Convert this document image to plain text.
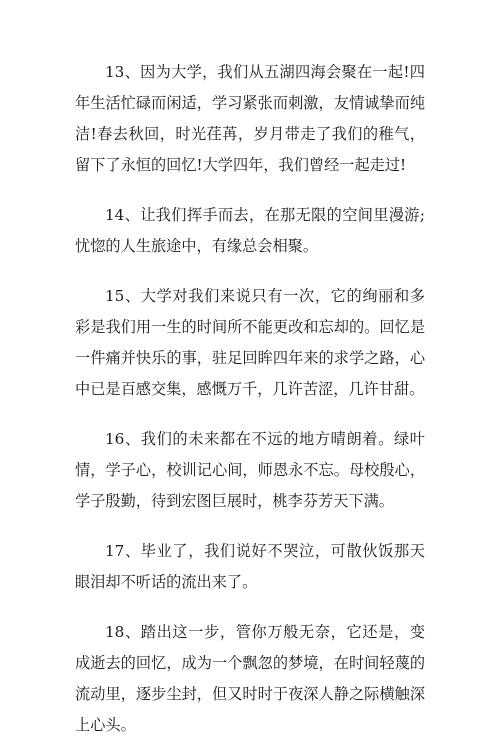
13、因为大学，我们从五湖四海会聚在一起!四年生活忙碌而闲适，学习紧张而刺激，友情诚挚而纯洁!春去秋回，时光荏苒，岁月带走了我们的稚气，留下了永恒的回忆!大学四年，我们曾经一起走过!

14、让我们挥手而去，在那无限的空间里漫游;忧惚的人生旅途中，有缘总会相聚。

15、大学对我们来说只有一次，它的绚丽和多彩是我们用一生的时间所不能更改和忘却的。回忆是一件痛并快乐的事，驻足回眸四年来的求学之路，心中已是百感交集，感慨万千，几许苦涩，几许甘甜。

16、我们的未来都在不远的地方晴朗着。绿叶情，学子心，校训记心间，师恩永不忘。母校殷心，学子殷勤，待到宏图巨展时，桃李芬芳天下满。

17、毕业了，我们说好不哭泣，可散伙饭那天眼泪却不听话的流出来了。

18、踏出这一步，管你万般无奈，它还是，变成逝去的回忆，成为一个飘忽的梦境，在时间轻蔑的流动里，逐步尘封，但又时时于夜深人静之际横触深上心头。
